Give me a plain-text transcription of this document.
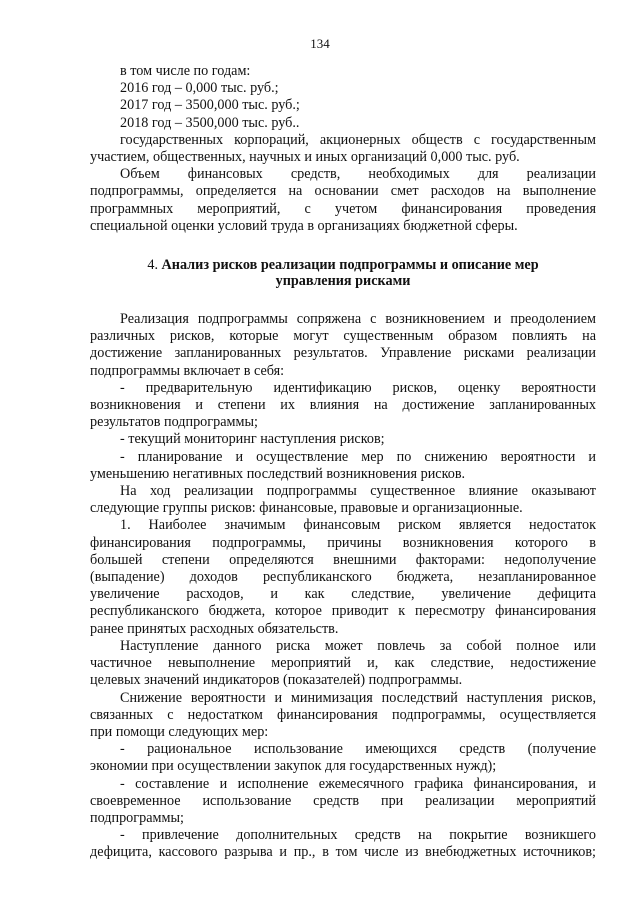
134
в том числе по годам:
2016 год – 0,000 тыс. руб.;
2017 год – 3500,000 тыс. руб.;
2018 год – 3500,000 тыс. руб..
государственных корпораций, акционерных обществ с государственным
участием, общественных, научных и иных организаций 0,000 тыс. руб.
Объем финансовых средств, необходимых для реализации
подпрограммы, определяется на основании смет расходов на выполнение
программных мероприятий, с учетом финансирования проведения
специальной оценки условий труда в организациях бюджетной сферы.
4. Анализ рисков реализации подпрограммы и описание мер
управления рисками
Реализация подпрограммы сопряжена с возникновением и преодолением
различных рисков, которые могут существенным образом повлиять на
достижение запланированных результатов. Управление рисками реализации
подпрограммы включает в себя:
- предварительную идентификацию рисков, оценку вероятности
возникновения и степени их влияния на достижение запланированных
результатов подпрограммы;
- текущий мониторинг наступления рисков;
- планирование и осуществление мер по снижению вероятности и
уменьшению негативных последствий возникновения рисков.
На ход реализации подпрограммы существенное влияние оказывают
следующие группы рисков: финансовые, правовые и организационные.
1. Наиболее значимым финансовым риском является недостаток
финансирования подпрограммы, причины возникновения которого в
большей степени определяются внешними факторами: недополучение
(выпадение) доходов республиканского бюджета, незапланированное
увеличение расходов, и как следствие, увеличение дефицита
республиканского бюджета, которое приводит к пересмотру финансирования
ранее принятых расходных обязательств.
Наступление данного риска может повлечь за собой полное или
частичное невыполнение мероприятий и, как следствие, недостижение
целевых значений индикаторов (показателей) подпрограммы.
Снижение вероятности и минимизация последствий наступления рисков,
связанных с недостатком финансирования подпрограммы, осуществляется
при помощи следующих мер:
- рациональное использование имеющихся средств (получение
экономии при осуществлении закупок для государственных нужд);
- составление и исполнение ежемесячного графика финансирования, и
своевременное использование средств при реализации мероприятий
подпрограммы;
- привлечение дополнительных средств на покрытие возникшего
дефицита, кассового разрыва и пр., в том числе из внебюджетных источников;
